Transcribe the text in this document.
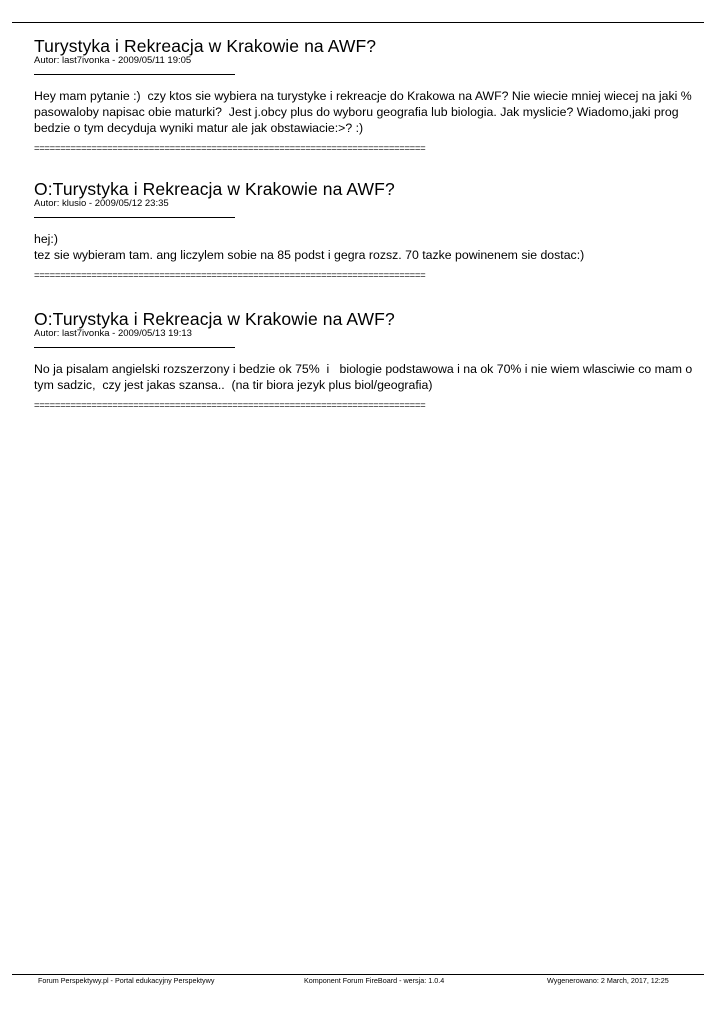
Turystyka i Rekreacja w Krakowie na AWF?
Autor: last7ivonka - 2009/05/11 19:05
Hey mam pytanie :)  czy ktos sie wybiera na turystyke i rekreacje do Krakowa na AWF? Nie wiecie mniej wiecej na jaki % pasowaloby napisac obie maturki?  Jest j.obcy plus do wyboru geografia lub biologia. Jak myslicie? Wiadomo,jaki prog bedzie o tym decyduja wyniki matur ale jak obstawiacie:>? :)
===========================================================================
O:Turystyka i Rekreacja w Krakowie na AWF?
Autor: klusio - 2009/05/12 23:35
hej:)
tez sie wybieram tam. ang liczylem sobie na 85 podst i gegra rozsz. 70 tazke powinenem sie dostac:)
===========================================================================
O:Turystyka i Rekreacja w Krakowie na AWF?
Autor: last7ivonka - 2009/05/13 19:13
No ja pisalam angielski rozszerzony i bedzie ok 75%  i   biologie podstawowa i na ok 70% i nie wiem wlasciwie co mam o tym sadzic,  czy jest jakas szansa..  (na tir biora jezyk plus biol/geografia)
===========================================================================
Forum Perspektywy.pl - Portal edukacyjny Perspektywy	Komponent Forum FireBoard - wersja: 1.0.4	Wygenerowano: 2 March, 2017, 12:25
